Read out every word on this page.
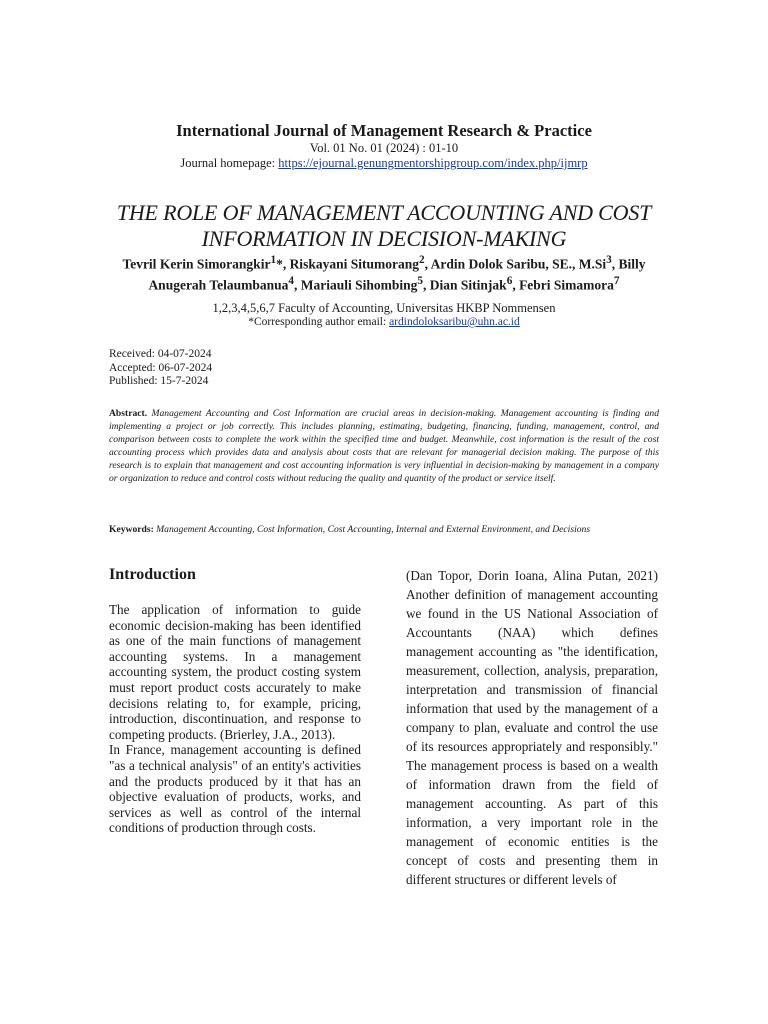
International Journal of Management Research & Practice
Vol. 01 No. 01 (2024) : 01-10
Journal homepage: https://ejournal.genungmentorshipgroup.com/index.php/ijmrp
THE ROLE OF MANAGEMENT ACCOUNTING AND COST INFORMATION IN DECISION-MAKING
Tevril Kerin Simorangkir$^1$*, Riskayani Situmorang$^2$, Ardin Dolok Saribu, SE., M.Si$^3$, Billy Anugerah Telaumbanua$^4$, Mariauli Sihombing$^5$, Dian Sitinjak$^6$, Febri Simamora$^7$
1,2,3,4,5,6,7 Faculty of Accounting, Universitas HKBP Nommensen
*Corresponding author email: ardindoloksaribu@uhn.ac.id
Received: 04-07-2024
Accepted: 06-07-2024
Published: 15-7-2024
Abstract. Management Accounting and Cost Information are crucial areas in decision-making. Management accounting is finding and implementing a project or job correctly. This includes planning, estimating, budgeting, financing, funding, management, control, and comparison between costs to complete the work within the specified time and budget. Meanwhile, cost information is the result of the cost accounting process which provides data and analysis about costs that are relevant for managerial decision making. The purpose of this research is to explain that management and cost accounting information is very influential in decision-making by management in a company or organization to reduce and control costs without reducing the quality and quantity of the product or service itself.
Keywords: Management Accounting, Cost Information, Cost Accounting, Internal and External Environment, and Decisions
Introduction

The application of information to guide economic decision-making has been identified as one of the main functions of management accounting systems. In a management accounting system, the product costing system must report product costs accurately to make decisions relating to, for example, pricing, introduction, discontinuation, and response to competing products. (Brierley, J.A., 2013).

In France, management accounting is defined "as a technical analysis" of an entity's activities and the products produced by it that has an objective evaluation of products, works, and services as well as control of the internal conditions of production through costs.

(Dan Topor, Dorin Ioana, Alina Putan, 2021) Another definition of management accounting we found in the US National Association of Accountants (NAA) which defines management accounting as "the identification, measurement, collection, analysis, preparation, interpretation and transmission of financial information that used by the management of a company to plan, evaluate and control the use of its resources appropriately and responsibly." The management process is based on a wealth of information drawn from the field of management accounting. As part of this information, a very important role in the management of economic entities is the concept of costs and presenting them in different structures or different levels of
